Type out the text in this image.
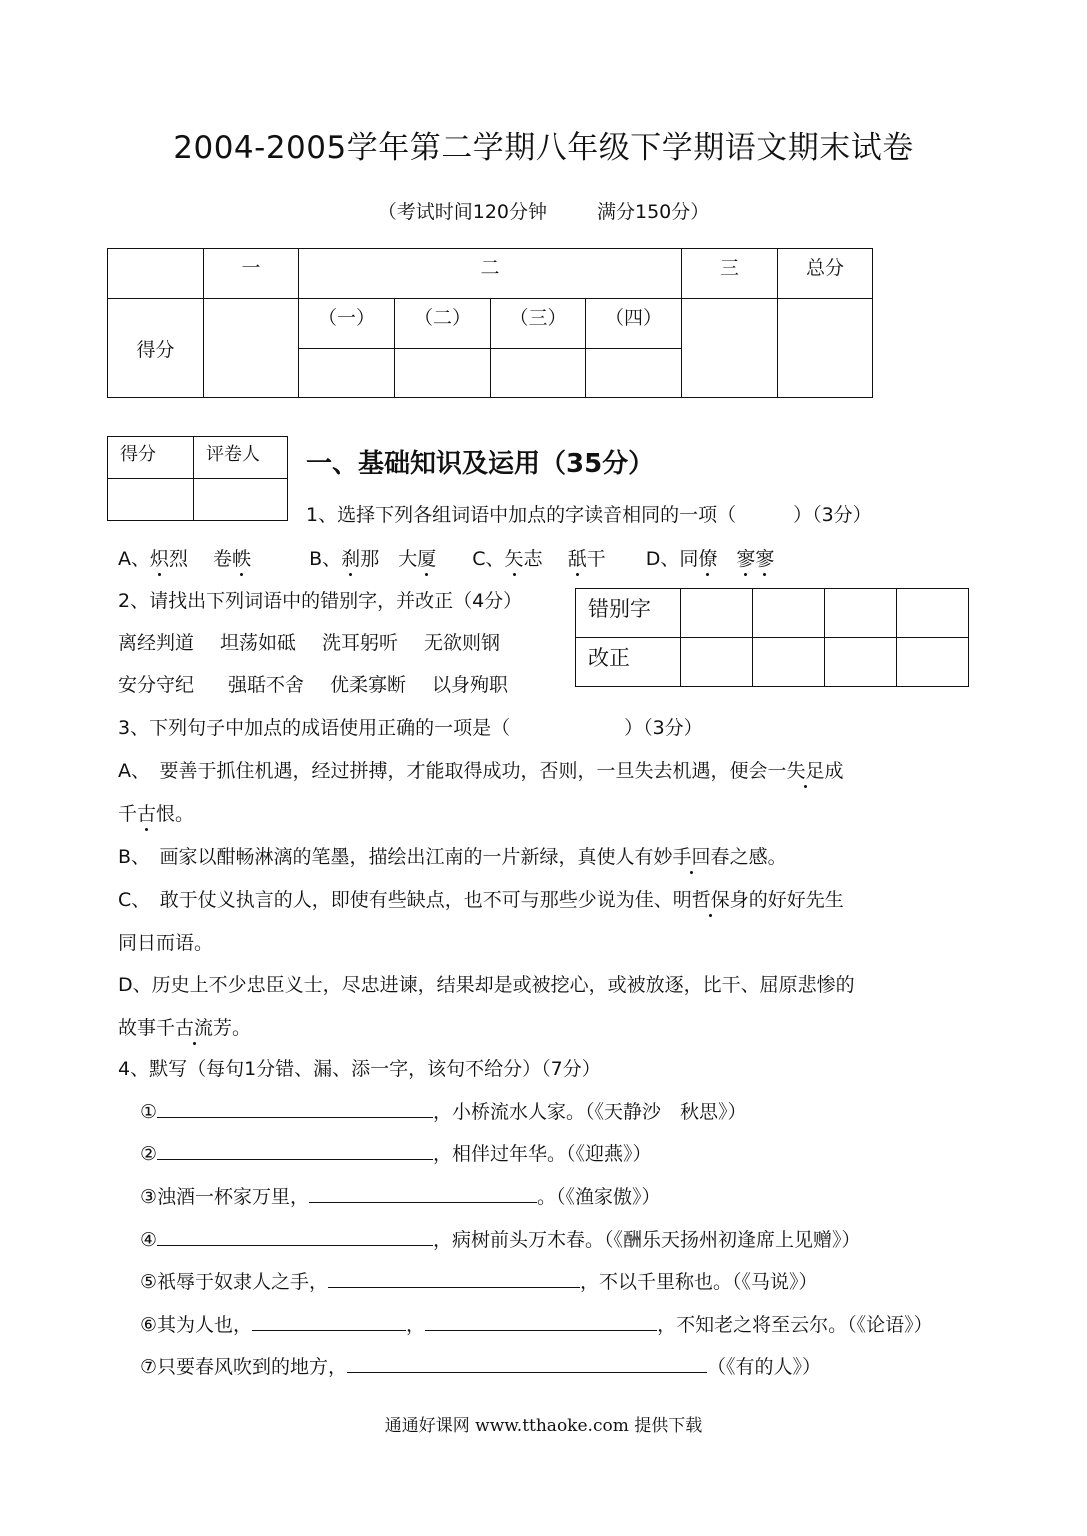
2004-2005学年第二学期八年级下学期语文期末试卷
（考试时间120分钟	满分150分）
	一	二				三	总分
得分		（一）	（二）	（三）	（四）		

得分	评卷人
	一、基础知识及运用（35分）
1、选择下列各组词语中加点的字读音相同的一项（　　　）（3分）
A、炽烈　 卷帙	B、刹那　大厦 C、矢志　 舐干 D、同僚　 寥寥
2、请找出下列词语中的错别字，并改正（4分）
离经判道 坦荡如砥 洗耳躬听 无欲则钢
安分守纪 强聒不舍 优柔寡断 以身殉职
错别字				
改正				
3、下列句子中加点的成语使用正确的一项是（　　　　　　）（3分）
A、　要善于抓住机遇，经过拼搏，才能取得成功，否则，一旦失去机遇，便会一失足成
千古恨。
B、　画家以酣畅淋漓的笔墨，描绘出江南的一片新绿，真使人有妙手回春之感。
C、　敢于仗义执言的人，即使有些缺点，也不可与那些少说为佳、明哲保身的好好先生
同日而语。
D、历史上不少忠臣义士，尽忠进谏，结果却是或被挖心，或被放逐，比干、屈原悲惨的
故事千古流芳。
4、默写（每句1分错、漏、添一字，该句不给分）（7分）
①	，小桥流水人家。（《天静沙　秋思》）
②	，相伴过年华。（《迎燕》）
③浊酒一杯家万里，	。（《渔家傲》）
④	，病树前头万木春。（《酬乐天扬州初逢席上见赠》）
⑤祇辱于奴隶人之手，	，不以千里称也。（《马说》）
⑥其为人也，	，	，不知老之将至云尔。（《论语》）
⑦只要春风吹到的地方，	（《有的人》）
通通好课网 www.tthaoke.com 提供下载
